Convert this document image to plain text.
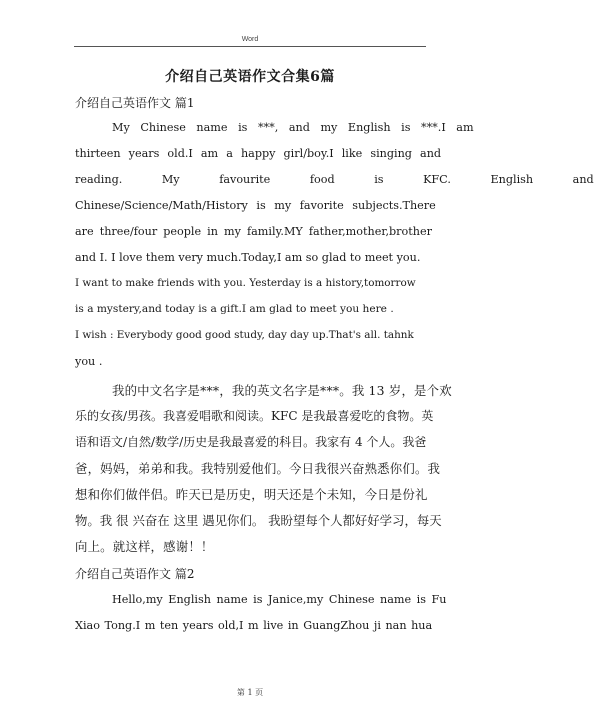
Word
介绍自己英语作文合集6篇
介绍自己英语作文 篇1
My Chinese name is ***, and my English is ***.I am
thirteen years old.I am a happy girl/boy.I like singing and
reading. My favourite food is KFC. English and
Chinese/Science/Math/History is my favorite subjects.There
are three/four people in my family.MY father,mother,brother
and I. I love them very much.Today,I am so glad to meet you.
I want to make friends with you. Yesterday is a history,tomorrow
is a mystery,and today is a gift.I am glad to meet you here .
I wish : Everybody good good study, day day up.That's all. tahnk
you .
我的中文名字是***，我的英文名字是***。我 13 岁，是个欢
乐的女孩/男孩。我喜爱唱歌和阅读。KFC 是我最喜爱吃的食物。英
语和语文/自然/数学/历史是我最喜爱的科目。我家有 4 个人。我爸
爸，妈妈，弟弟和我。我特别爱他们。今日我很兴奋熟悉你们。我
想和你们做伴侣。昨天已是历史，明天还是个未知，今日是份礼
物。我 很 兴奋在 这里 遇见你们。 我盼望每个人都好好学习，每天
向上。就这样，感谢！！
介绍自己英语作文 篇2
Hello,my English name is Janice,my Chinese name is Fu
Xiao Tong.I m ten years old,I m live in GuangZhou ji nan hua
第 1 页
